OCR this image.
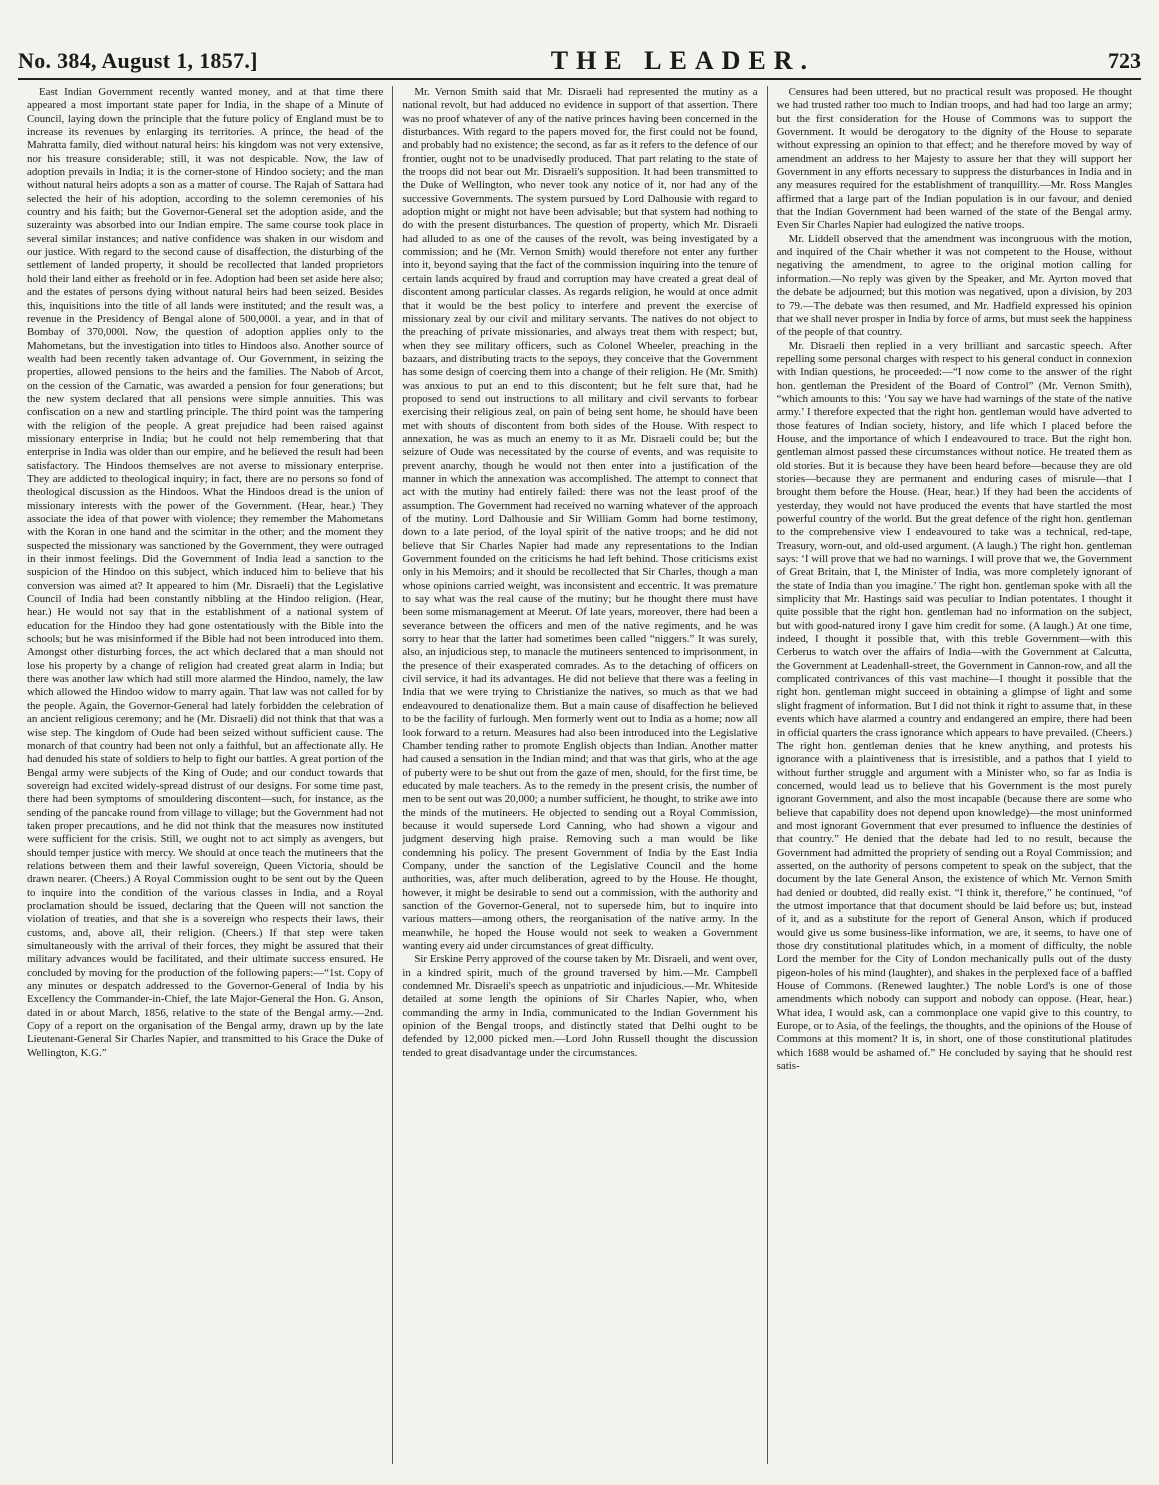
No. 384, August 1, 1857.]	THE LEADER.	723

East Indian Government recently wanted money, and at that time there appeared a most important state paper for India, in the shape of a Minute of Council, laying down the principle that the future policy of England must be to increase its revenues by enlarging its territories. A prince, the head of the Mahratta family, died without natural heirs: his kingdom was not very extensive, nor his treasure considerable; still, it was not despicable. Now, the law of adoption prevails in India; it is the corner-stone of Hindoo society; and the man without natural heirs adopts a son as a matter of course. The Rajah of Sattara had selected the heir of his adoption, according to the solemn ceremonies of his country and his faith; but the Governor-General set the adoption aside, and the suzerainty was absorbed into our Indian empire. The same course took place in several similar instances; and native confidence was shaken in our wisdom and our justice. With regard to the second cause of disaffection, the disturbing of the settlement of landed property, it should be recollected that landed proprietors hold their land either as freehold or in fee. Adoption had been set aside here also; and the estates of persons dying without natural heirs had been seized. Besides this, inquisitions into the title of all lands were instituted; and the result was, a revenue in the Presidency of Bengal alone of 500,000l. a year, and in that of Bombay of 370,000l. Now, the question of adoption applies only to the Mahometans, but the investigation into titles to Hindoos also. Another source of wealth had been recently taken advantage of. Our Government, in seizing the properties, allowed pensions to the heirs and the families. The Nabob of Arcot, on the cession of the Carnatic, was awarded a pension for four generations; but the new system declared that all pensions were simple annuities. This was confiscation on a new and startling principle. The third point was the tampering with the religion of the people. A great prejudice had been raised against missionary enterprise in India; but he could not help remembering that that enterprise in India was older than our empire, and he believed the result had been satisfactory. The Hindoos themselves are not averse to missionary enterprise. They are addicted to theological inquiry; in fact, there are no persons so fond of theological discussion as the Hindoos. What the Hindoos dread is the union of missionary interests with the power of the Government. (Hear, hear.) They associate the idea of that power with violence; they remember the Mahometans with the Koran in one hand and the scimitar in the other; and the moment they suspected the missionary was sanctioned by the Government, they were outraged in their inmost feelings. Did the Government of India lead a sanction to the suspicion of the Hindoo on this subject, which induced him to believe that his conversion was aimed at? It appeared to him (Mr. Disraeli) that the Legislative Council of India had been constantly nibbling at the Hindoo religion. (Hear, hear.) He would not say that in the establishment of a national system of education for the Hindoo they had gone ostentatiously with the Bible into the schools; but he was misinformed if the Bible had not been introduced into them. Amongst other disturbing forces, the act which declared that a man should not lose his property by a change of religion had created great alarm in India; but there was another law which had still more alarmed the Hindoo, namely, the law which allowed the Hindoo widow to marry again. That law was not called for by the people. Again, the Governor-General had lately forbidden the celebration of an ancient religious ceremony; and he (Mr. Disraeli) did not think that that was a wise step. The kingdom of Oude had been seized without sufficient cause. The monarch of that country had been not only a faithful, but an affectionate ally. He had denuded his state of soldiers to help to fight our battles. A great portion of the Bengal army were subjects of the King of Oude; and our conduct towards that sovereign had excited widely-spread distrust of our designs. For some time past, there had been symptoms of smouldering discontent—such, for instance, as the sending of the pancake round from village to village; but the Government had not taken proper precautions, and he did not think that the measures now instituted were sufficient for the crisis. Still, we ought not to act simply as avengers, but should temper justice with mercy. We should at once teach the mutineers that the relations between them and their lawful sovereign, Queen Victoria, should be drawn nearer. (Cheers.) A Royal Commission ought to be sent out by the Queen to inquire into the condition of the various classes in India, and a Royal proclamation should be issued, declaring that the Queen will not sanction the violation of treaties, and that she is a sovereign who respects their laws, their customs, and, above all, their religion. (Cheers.) If that step were taken simultaneously with the arrival of their forces, they might be assured that their military advances would be facilitated, and their ultimate success ensured. He concluded by moving for the production of the following papers:—“1st. Copy of any minutes or despatch addressed to the Governor-General of India by his Excellency the Commander-in-Chief, the late Major-General the Hon. G. Anson, dated in or about March, 1856, relative to the state of the Bengal army.—2nd. Copy of a report on the organisation of the Bengal army, drawn up by the late Lieutenant-General Sir Charles Napier, and transmitted to his Grace the Duke of Wellington, K.G.”

Mr. Vernon Smith said that Mr. Disraeli had represented the mutiny as a national revolt, but had adduced no evidence in support of that assertion. There was no proof whatever of any of the native princes having been concerned in the disturbances. With regard to the papers moved for, the first could not be found, and probably had no existence; the second, as far as it refers to the defence of our frontier, ought not to be unadvisedly produced. That part relating to the state of the troops did not bear out Mr. Disraeli's supposition. It had been transmitted to the Duke of Wellington, who never took any notice of it, nor had any of the successive Governments. The system pursued by Lord Dalhousie with regard to adoption might or might not have been advisable; but that system had nothing to do with the present disturbances. The question of property, which Mr. Disraeli had alluded to as one of the causes of the revolt, was being investigated by a commission; and he (Mr. Vernon Smith) would therefore not enter any further into it, beyond saying that the fact of the commission inquiring into the tenure of certain lands acquired by fraud and corruption may have created a great deal of discontent among particular classes. As regards religion, he would at once admit that it would be the best policy to interfere and prevent the exercise of missionary zeal by our civil and military servants. The natives do not object to the preaching of private missionaries, and always treat them with respect; but, when they see military officers, such as Colonel Wheeler, preaching in the bazaars, and distributing tracts to the sepoys, they conceive that the Government has some design of coercing them into a change of their religion. He (Mr. Smith) was anxious to put an end to this discontent; but he felt sure that, had he proposed to send out instructions to all military and civil servants to forbear exercising their religious zeal, on pain of being sent home, he should have been met with shouts of discontent from both sides of the House. With respect to annexation, he was as much an enemy to it as Mr. Disraeli could be; but the seizure of Oude was necessitated by the course of events, and was requisite to prevent anarchy, though he would not then enter into a justification of the manner in which the annexation was accomplished. The attempt to connect that act with the mutiny had entirely failed: there was not the least proof of the assumption. The Government had received no warning whatever of the approach of the mutiny. Lord Dalhousie and Sir William Gomm had borne testimony, down to a late period, of the loyal spirit of the native troops; and he did not believe that Sir Charles Napier had made any representations to the Indian Government founded on the criticisms he had left behind. Those criticisms exist only in his Memoirs; and it should be recollected that Sir Charles, though a man whose opinions carried weight, was inconsistent and eccentric. It was premature to say what was the real cause of the mutiny; but he thought there must have been some mismanagement at Meerut. Of late years, moreover, there had been a severance between the officers and men of the native regiments, and he was sorry to hear that the latter had sometimes been called “niggers.” It was surely, also, an injudicious step, to manacle the mutineers sentenced to imprisonment, in the presence of their exasperated comrades. As to the detaching of officers on civil service, it had its advantages. He did not believe that there was a feeling in India that we were trying to Christianize the natives, so much as that we had endeavoured to denationalize them. But a main cause of disaffection he believed to be the facility of furlough. Men formerly went out to India as a home; now all look forward to a return. Measures had also been introduced into the Legislative Chamber tending rather to promote English objects than Indian. Another matter had caused a sensation in the Indian mind; and that was that girls, who at the age of puberty were to be shut out from the gaze of men, should, for the first time, be educated by male teachers. As to the remedy in the present crisis, the number of men to be sent out was 20,000; a number sufficient, he thought, to strike awe into the minds of the mutineers. He objected to sending out a Royal Commission, because it would supersede Lord Canning, who had shown a vigour and judgment deserving high praise. Removing such a man would be like condemning his policy. The present Government of India by the East India Company, under the sanction of the Legislative Council and the home authorities, was, after much deliberation, agreed to by the House. He thought, however, it might be desirable to send out a commission, with the authority and sanction of the Governor-General, not to supersede him, but to inquire into various matters—among others, the reorganisation of the native army. In the meanwhile, he hoped the House would not seek to weaken a Government wanting every aid under circumstances of great difficulty.

Sir Erskine Perry approved of the course taken by Mr. Disraeli, and went over, in a kindred spirit, much of the ground traversed by him.—Mr. Campbell condemned Mr. Disraeli's speech as unpatriotic and injudicious.—Mr. Whiteside detailed at some length the opinions of Sir Charles Napier, who, when commanding the army in India, communicated to the Indian Government his opinion of the Bengal troops, and distinctly stated that Delhi ought to be defended by 12,000 picked men.—Lord John Russell thought the discussion tended to great disadvantage under the circumstances.

Censures had been uttered, but no practical result was proposed. He thought we had trusted rather too much to Indian troops, and had had too large an army; but the first consideration for the House of Commons was to support the Government. It would be derogatory to the dignity of the House to separate without expressing an opinion to that effect; and he therefore moved by way of amendment an address to her Majesty to assure her that they will support her Government in any efforts necessary to suppress the disturbances in India and in any measures required for the establishment of tranquillity.—Mr. Ross Mangles affirmed that a large part of the Indian population is in our favour, and denied that the Indian Government had been warned of the state of the Bengal army. Even Sir Charles Napier had eulogized the native troops.

Mr. Liddell observed that the amendment was incongruous with the motion, and inquired of the Chair whether it was not competent to the House, without negativing the amendment, to agree to the original motion calling for information.—No reply was given by the Speaker, and Mr. Ayrton moved that the debate be adjourned; but this motion was negatived, upon a division, by 203 to 79.—The debate was then resumed, and Mr. Hadfield expressed his opinion that we shall never prosper in India by force of arms, but must seek the happiness of the people of that country.

Mr. Disraeli then replied in a very brilliant and sarcastic speech. After repelling some personal charges with respect to his general conduct in connexion with Indian questions, he proceeded:—“I now come to the answer of the right hon. gentleman the President of the Board of Control” (Mr. Vernon Smith), “which amounts to this: ‘You say we have had warnings of the state of the native army.’ I therefore expected that the right hon. gentleman would have adverted to those features of Indian society, history, and life which I placed before the House, and the importance of which I endeavoured to trace. But the right hon. gentleman almost passed these circumstances without notice. He treated them as old stories. But it is because they have been heard before—because they are old stories—because they are permanent and enduring cases of misrule—that I brought them before the House. (Hear, hear.) If they had been the accidents of yesterday, they would not have produced the events that have startled the most powerful country of the world. But the great defence of the right hon. gentleman to the comprehensive view I endeavoured to take was a technical, red-tape, Treasury, worn-out, and old-used argument. (A laugh.) The right hon. gentleman says: ‘I will prove that we had no warnings. I will prove that we, the Government of Great Britain, that I, the Minister of India, was more completely ignorant of the state of India than you imagine.’ The right hon. gentleman spoke with all the simplicity that Mr. Hastings said was peculiar to Indian potentates. I thought it quite possible that the right hon. gentleman had no information on the subject, but with good-natured irony I gave him credit for some. (A laugh.) At one time, indeed, I thought it possible that, with this treble Government—with this Cerberus to watch over the affairs of India—with the Government at Calcutta, the Government at Leadenhall-street, the Government in Cannon-row, and all the complicated contrivances of this vast machine—I thought it possible that the right hon. gentleman might succeed in obtaining a glimpse of light and some slight fragment of information. But I did not think it right to assume that, in these events which have alarmed a country and endangered an empire, there had been in official quarters the crass ignorance which appears to have prevailed. (Cheers.) The right hon. gentleman denies that he knew anything, and protests his ignorance with a plaintiveness that is irresistible, and a pathos that I yield to without further struggle and argument with a Minister who, so far as India is concerned, would lead us to believe that his Government is the most purely ignorant Government, and also the most incapable (because there are some who believe that capability does not depend upon knowledge)—the most uninformed and most ignorant Government that ever presumed to influence the destinies of that country.” He denied that the debate had led to no result, because the Government had admitted the propriety of sending out a Royal Commission; and asserted, on the authority of persons competent to speak on the subject, that the document by the late General Anson, the existence of which Mr. Vernon Smith had denied or doubted, did really exist. “I think it, therefore,” he continued, “of the utmost importance that that document should be laid before us; but, instead of it, and as a substitute for the report of General Anson, which if produced would give us some business-like information, we are, it seems, to have one of those dry constitutional platitudes which, in a moment of difficulty, the noble Lord the member for the City of London mechanically pulls out of the dusty pigeon-holes of his mind (laughter), and shakes in the perplexed face of a baffled House of Commons. (Renewed laughter.) The noble Lord's is one of those amendments which nobody can support and nobody can oppose. (Hear, hear.) What idea, I would ask, can a commonplace one vapid give to this country, to Europe, or to Asia, of the feelings, the thoughts, and the opinions of the House of Commons at this moment? It is, in short, one of those constitutional platitudes which 1688 would be ashamed of.” He concluded by saying that he should rest satis-
